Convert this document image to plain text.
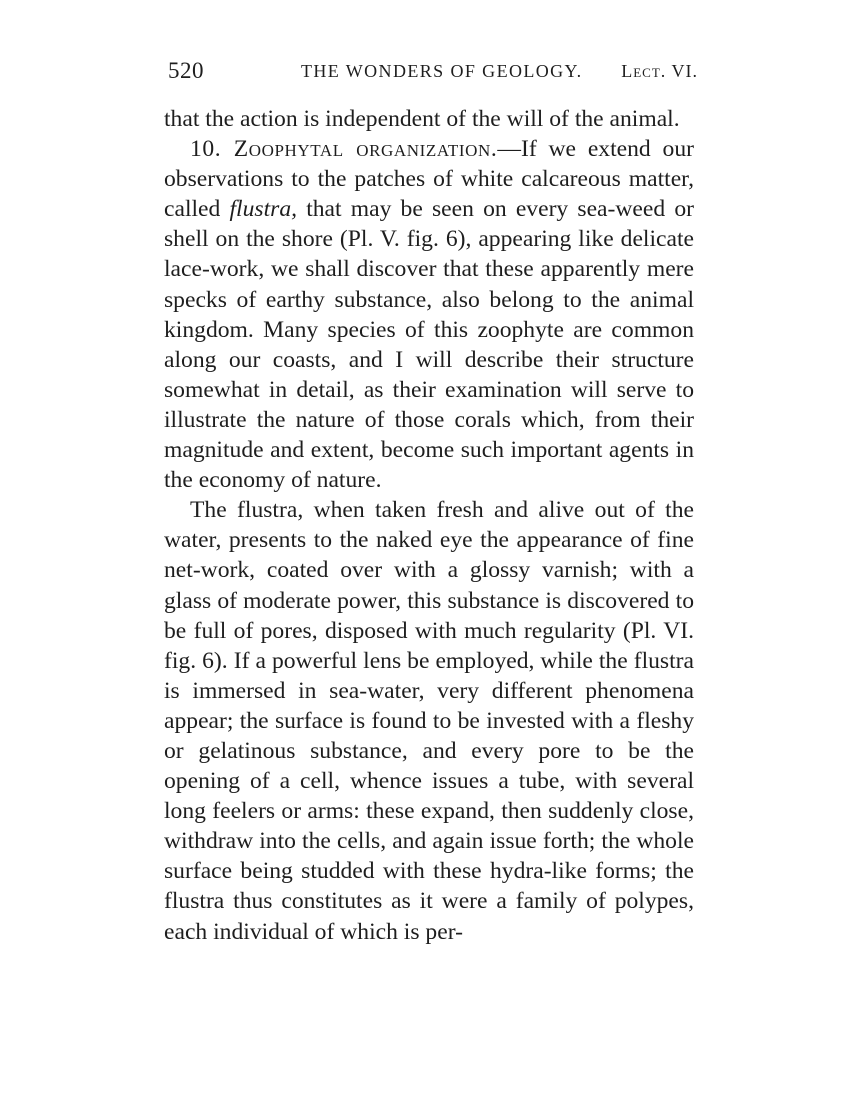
520	THE WONDERS OF GEOLOGY. Lect. VI.

that the action is independent of the will of the animal.

10. Zoophytal organization.—If we extend our observations to the patches of white calcareous matter, called flustra, that may be seen on every sea-weed or shell on the shore (Pl. V. fig. 6), appearing like delicate lace-work, we shall discover that these apparently mere specks of earthy substance, also belong to the animal kingdom. Many species of this zoophyte are common along our coasts, and I will describe their structure somewhat in detail, as their examination will serve to illustrate the nature of those corals which, from their magnitude and extent, become such important agents in the economy of nature.

The flustra, when taken fresh and alive out of the water, presents to the naked eye the appearance of fine net-work, coated over with a glossy varnish; with a glass of moderate power, this substance is discovered to be full of pores, disposed with much regularity (Pl. VI. fig. 6). If a powerful lens be employed, while the flustra is immersed in sea-water, very different phenomena appear; the surface is found to be invested with a fleshy or gelatinous substance, and every pore to be the opening of a cell, whence issues a tube, with several long feelers or arms: these expand, then suddenly close, withdraw into the cells, and again issue forth; the whole surface being studded with these hydra-like forms; the flustra thus constitutes as it were a family of polypes, each individual of which is per-
